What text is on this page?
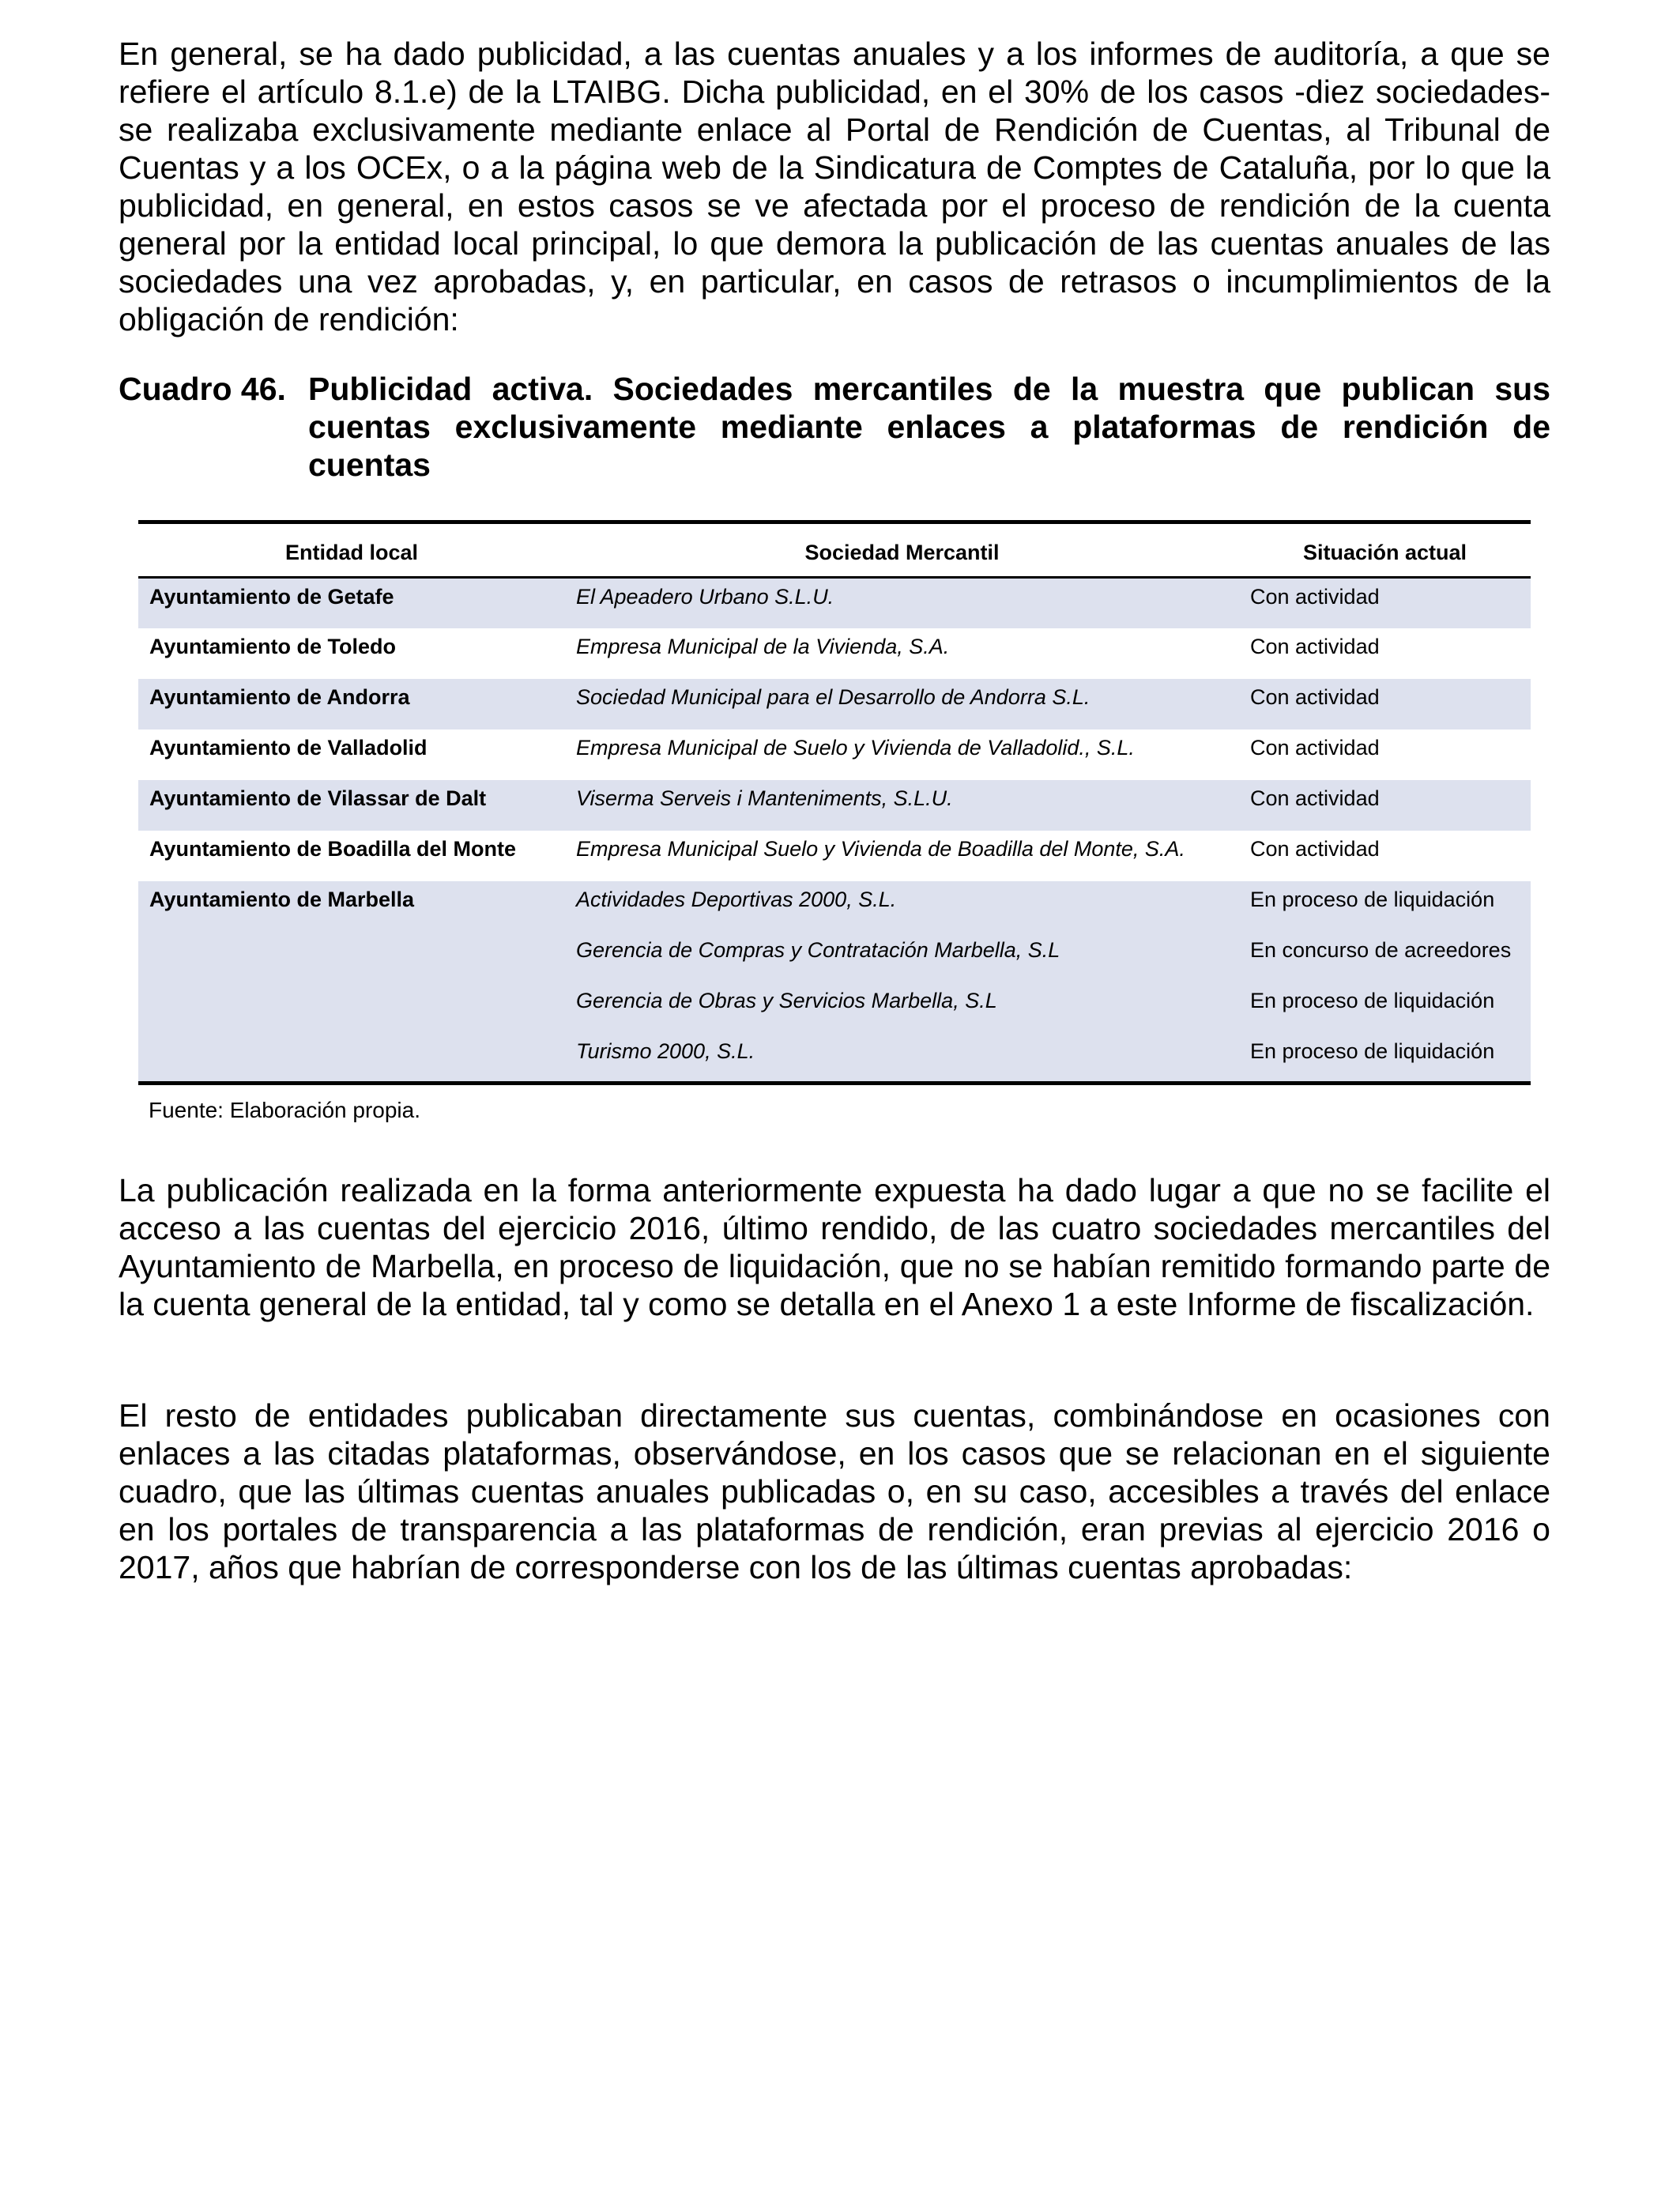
En general, se ha dado publicidad, a las cuentas anuales y a los informes de auditoría, a que se refiere el artículo 8.1.e) de la LTAIBG. Dicha publicidad, en el 30% de los casos -diez sociedades- se realizaba exclusivamente mediante enlace al Portal de Rendición de Cuentas, al Tribunal de Cuentas y a los OCEx, o a la página web de la Sindicatura de Comptes de Cataluña, por lo que la publicidad, en general, en estos casos se ve afectada por el proceso de rendición de la cuenta general por la entidad local principal, lo que demora la publicación de las cuentas anuales de las sociedades una vez aprobadas, y, en particular, en casos de retrasos o incumplimientos de la obligación de rendición:

Cuadro 46. Publicidad activa. Sociedades mercantiles de la muestra que publican sus cuentas exclusivamente mediante enlaces a plataformas de rendición de cuentas
Entidad local	Sociedad Mercantil	Situación actual
Ayuntamiento de Getafe	El Apeadero Urbano S.L.U.	Con actividad
Ayuntamiento de Toledo	Empresa Municipal de la Vivienda, S.A.	Con actividad
Ayuntamiento de Andorra	Sociedad Municipal para el Desarrollo de Andorra S.L.	Con actividad
Ayuntamiento de Valladolid	Empresa Municipal de Suelo y Vivienda de Valladolid., S.L.	Con actividad
Ayuntamiento de Vilassar de Dalt	Viserma Serveis i Manteniments, S.L.U.	Con actividad
Ayuntamiento de Boadilla del Monte	Empresa Municipal Suelo y Vivienda de Boadilla del Monte, S.A.	Con actividad
Ayuntamiento de Marbella	Actividades Deportivas 2000, S.L.	En proceso de liquidación
	Gerencia de Compras y Contratación Marbella, S.L	En concurso de acreedores
	Gerencia de Obras y Servicios Marbella, S.L	En proceso de liquidación
	Turismo 2000, S.L.	En proceso de liquidación
Fuente: Elaboración propia.

La publicación realizada en la forma anteriormente expuesta ha dado lugar a que no se facilite el acceso a las cuentas del ejercicio 2016, último rendido, de las cuatro sociedades mercantiles del Ayuntamiento de Marbella, en proceso de liquidación, que no se habían remitido formando parte de la cuenta general de la entidad, tal y como se detalla en el Anexo 1 a este Informe de fiscalización.

El resto de entidades publicaban directamente sus cuentas, combinándose en ocasiones con enlaces a las citadas plataformas, observándose, en los casos que se relacionan en el siguiente cuadro, que las últimas cuentas anuales publicadas o, en su caso, accesibles a través del enlace en los portales de transparencia a las plataformas de rendición, eran previas al ejercicio 2016 o 2017, años que habrían de corresponderse con los de las últimas cuentas aprobadas:
